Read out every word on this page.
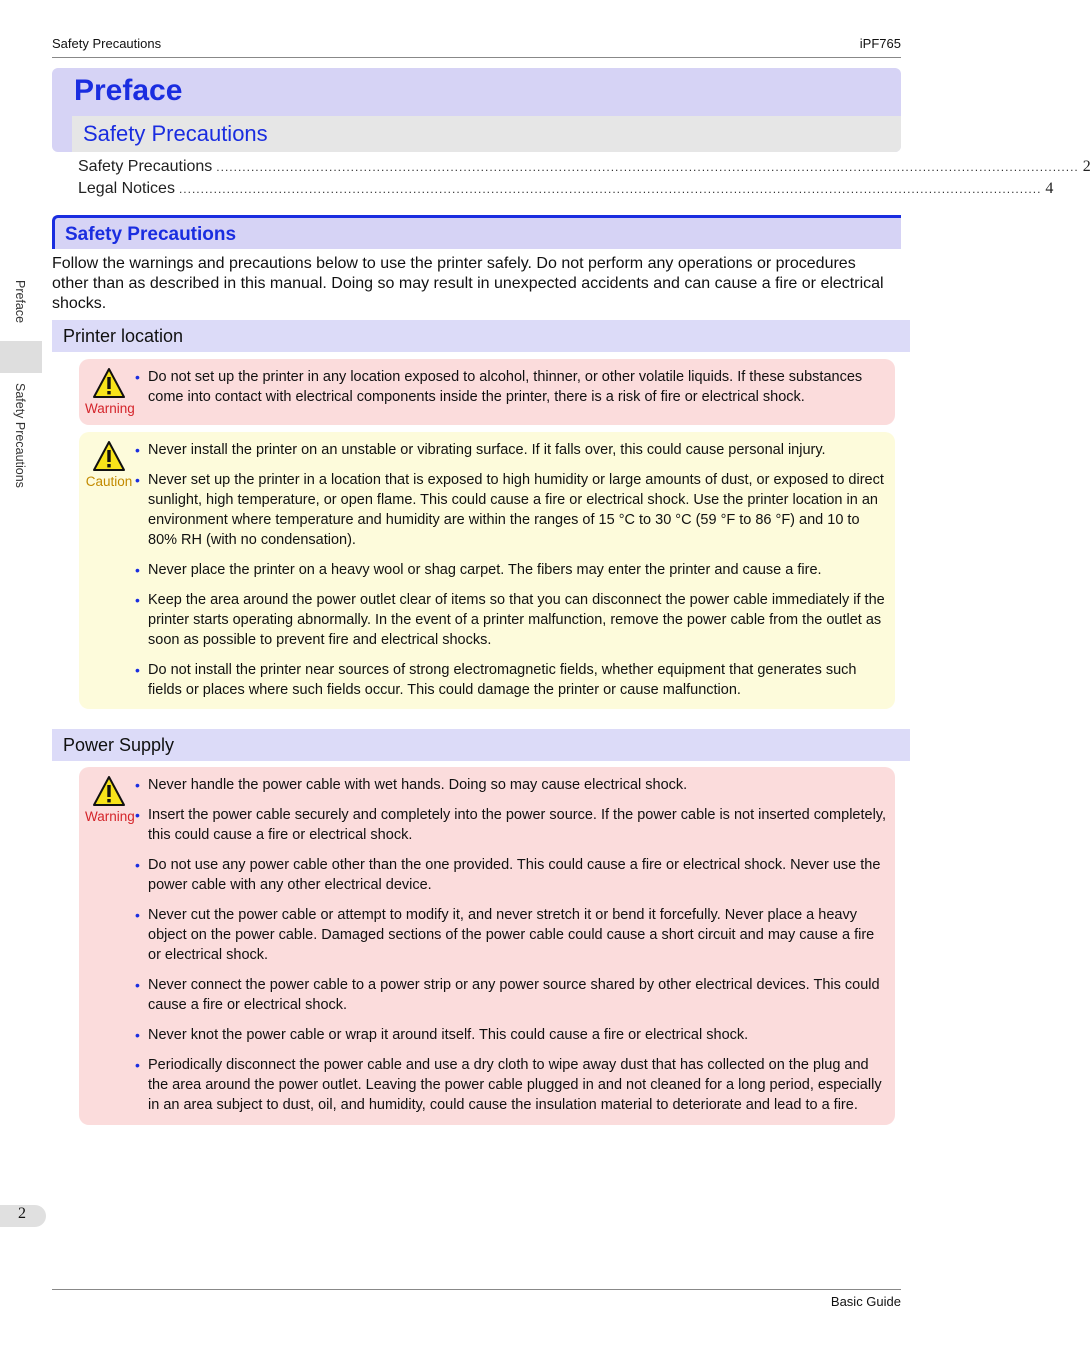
Safety Precautions	iPF765
Preface
Safety Precautions
Preface
Safety Precautions
Safety Precautions ....................................................................................................................................................................................................... 2
Legal Notices ....................................................................................................................................................................................................... 4
Safety Precautions
Follow the warnings and precautions below to use the printer safely. Do not perform any operations or procedures other than as described in this manual. Doing so may result in unexpected accidents and can cause a fire or electrical shocks.
Printer location
Warning
• Do not set up the printer in any location exposed to alcohol, thinner, or other volatile liquids. If these substances come into contact with electrical components inside the printer, there is a risk of fire or electrical shock.
Caution
• Never install the printer on an unstable or vibrating surface. If it falls over, this could cause personal injury.
• Never set up the printer in a location that is exposed to high humidity or large amounts of dust, or exposed to direct sunlight, high temperature, or open flame. This could cause a fire or electrical shock. Use the printer location in an environment where temperature and humidity are within the ranges of 15 °C to 30 °C (59 °F to 86 °F) and 10 to 80% RH (with no condensation).
• Never place the printer on a heavy wool or shag carpet. The fibers may enter the printer and cause a fire.
• Keep the area around the power outlet clear of items so that you can disconnect the power cable immediately if the printer starts operating abnormally. In the event of a printer malfunction, remove the power cable from the outlet as soon as possible to prevent fire and electrical shocks.
• Do not install the printer near sources of strong electromagnetic fields, whether equipment that generates such fields or places where such fields occur. This could damage the printer or cause malfunction.
Power Supply
Warning
• Never handle the power cable with wet hands. Doing so may cause electrical shock.
• Insert the power cable securely and completely into the power source. If the power cable is not inserted completely, this could cause a fire or electrical shock.
• Do not use any power cable other than the one provided. This could cause a fire or electrical shock. Never use the power cable with any other electrical device.
• Never cut the power cable or attempt to modify it, and never stretch it or bend it forcefully. Never place a heavy object on the power cable. Damaged sections of the power cable could cause a short circuit and may cause a fire or electrical shock.
• Never connect the power cable to a power strip or any power source shared by other electrical devices. This could cause a fire or electrical shock.
• Never knot the power cable or wrap it around itself. This could cause a fire or electrical shock.
• Periodically disconnect the power cable and use a dry cloth to wipe away dust that has collected on the plug and the area around the power outlet. Leaving the power cable plugged in and not cleaned for a long period, especially in an area subject to dust, oil, and humidity, could cause the insulation material to deteriorate and lead to a fire.
2
Basic Guide
